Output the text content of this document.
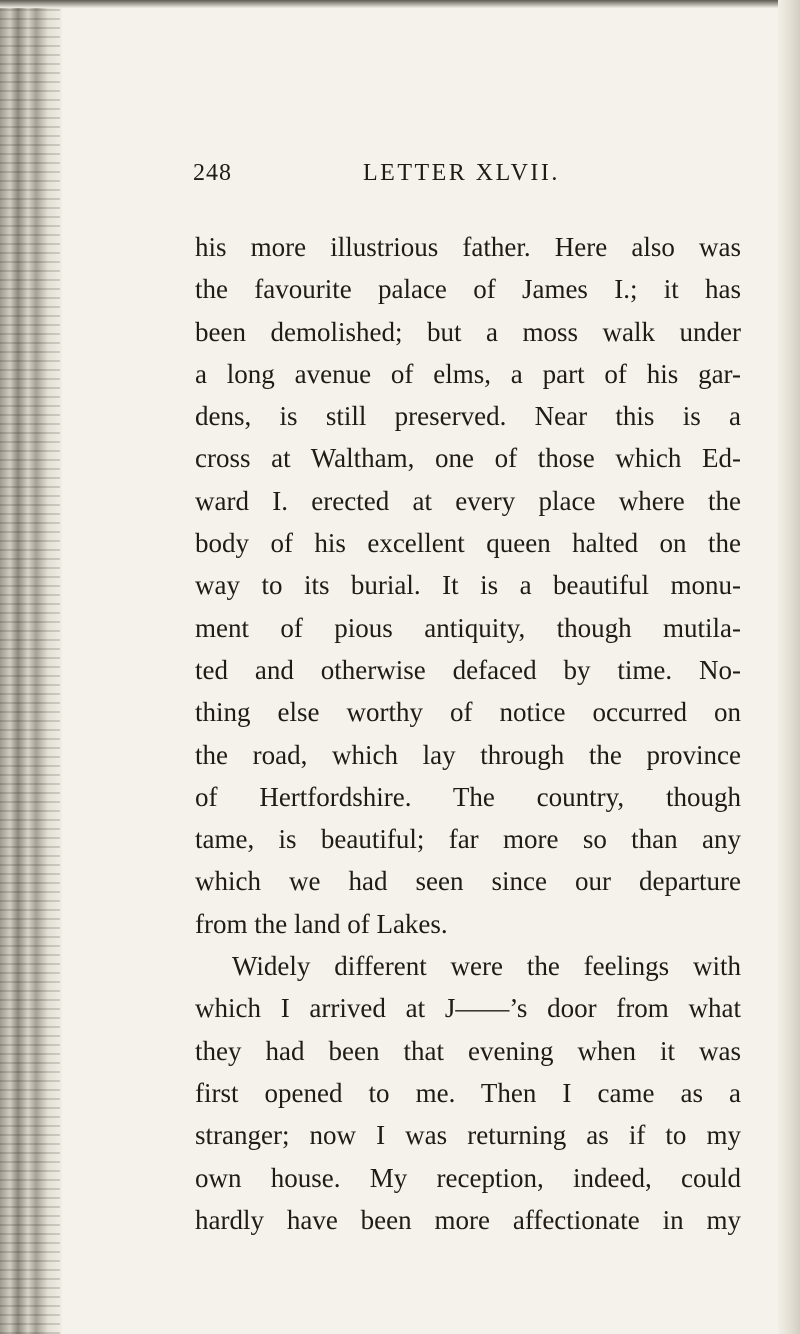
248	LETTER XLVII.
his more illustrious father. Here also was
the favourite palace of James I.; it has
been demolished; but a moss walk under
a long avenue of elms, a part of his gar-
dens, is still preserved. Near this is a
cross at Waltham, one of those which Ed-
ward I. erected at every place where the
body of his excellent queen halted on the
way to its burial. It is a beautiful monu-
ment of pious antiquity, though mutila-
ted and otherwise defaced by time. No-
thing else worthy of notice occurred on
the road, which lay through the province
of Hertfordshire. The country, though
tame, is beautiful; far more so than any
which we had seen since our departure
from the land of Lakes.
Widely different were the feelings with
which I arrived at J——’s door from what
they had been that evening when it was
first opened to me. Then I came as a
stranger; now I was returning as if to my
own house. My reception, indeed, could
hardly have been more affectionate in my
